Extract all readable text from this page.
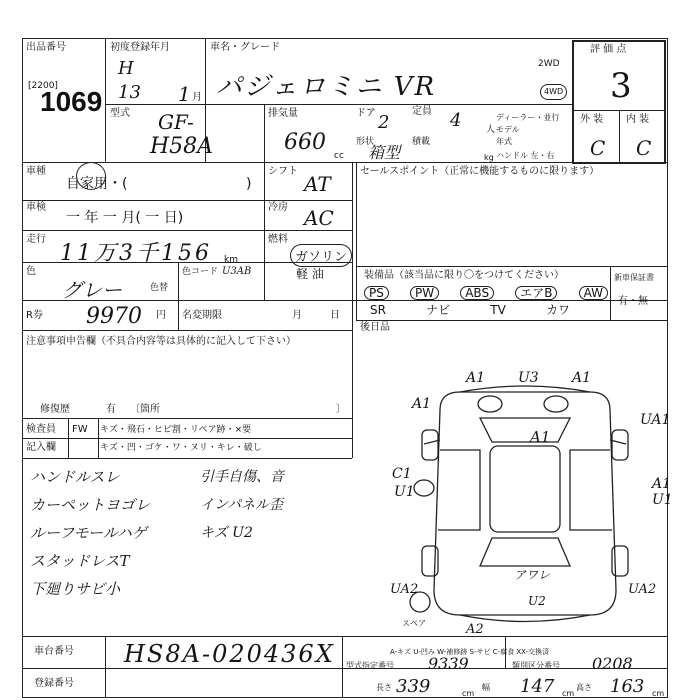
出品番号
[2200]
1069
初度登録年月
H
13 1 月
車名・グレード
パジェロミニ VR
2WD
4WD
評 価 点
3
外 装 内 装
C C
型式 GF-
H58A
排気量
660
cc
ドア 2
定員 4	人
ディーラー・並行
モデル 年式
形状
箱型
積載
kg ハンドル 左・右
車種
自家用・(	)
シフト
AT
セールスポイント（正常に機能するものに限ります）
車検
一 年 一 月( 一 日)
冷房 AC
走行
11万3千156 km
燃料
ガソリン
軽 油
色
グレー	色替
色コード U3AB	装備品（該当品に限り〇をつけてください）
PS	PW	ABS	エアB	AW
SR	ナビ	TV	カワ
新車保証書
有・無
R券 9970 円 名変期限	月	日
後日品
注意事項申告欄（不具合内容等は具体的に記入して下さい）
修復歴	有 〔箇所	〕
検査員 FW キズ・飛石・ヒビ割・リペア跡・×要
記入欄	キズ・凹・ゴケ・ワ・ヌリ・キレ・破し
ハンドルスレ
カーペットヨゴレ
ルーフモールハゲ
スタッドレスT
下廻りサビ小
引手自傷、音
インパネル歪
キズ U2
A1 U3 A1
A1
UA1
A1
C1
U1	A1
U1
アワレ
U2
UA2
スペア
UA2
A2
車台番号 HS8A-020436X
登録番号
A-キズ U-凹み W-補修跡 S-サビ C-腐食 XX-交換済
型式指定番号 9339	類別区分番号 0208
長さ 339	cm
幅 147 cm
高さ 163 cm
